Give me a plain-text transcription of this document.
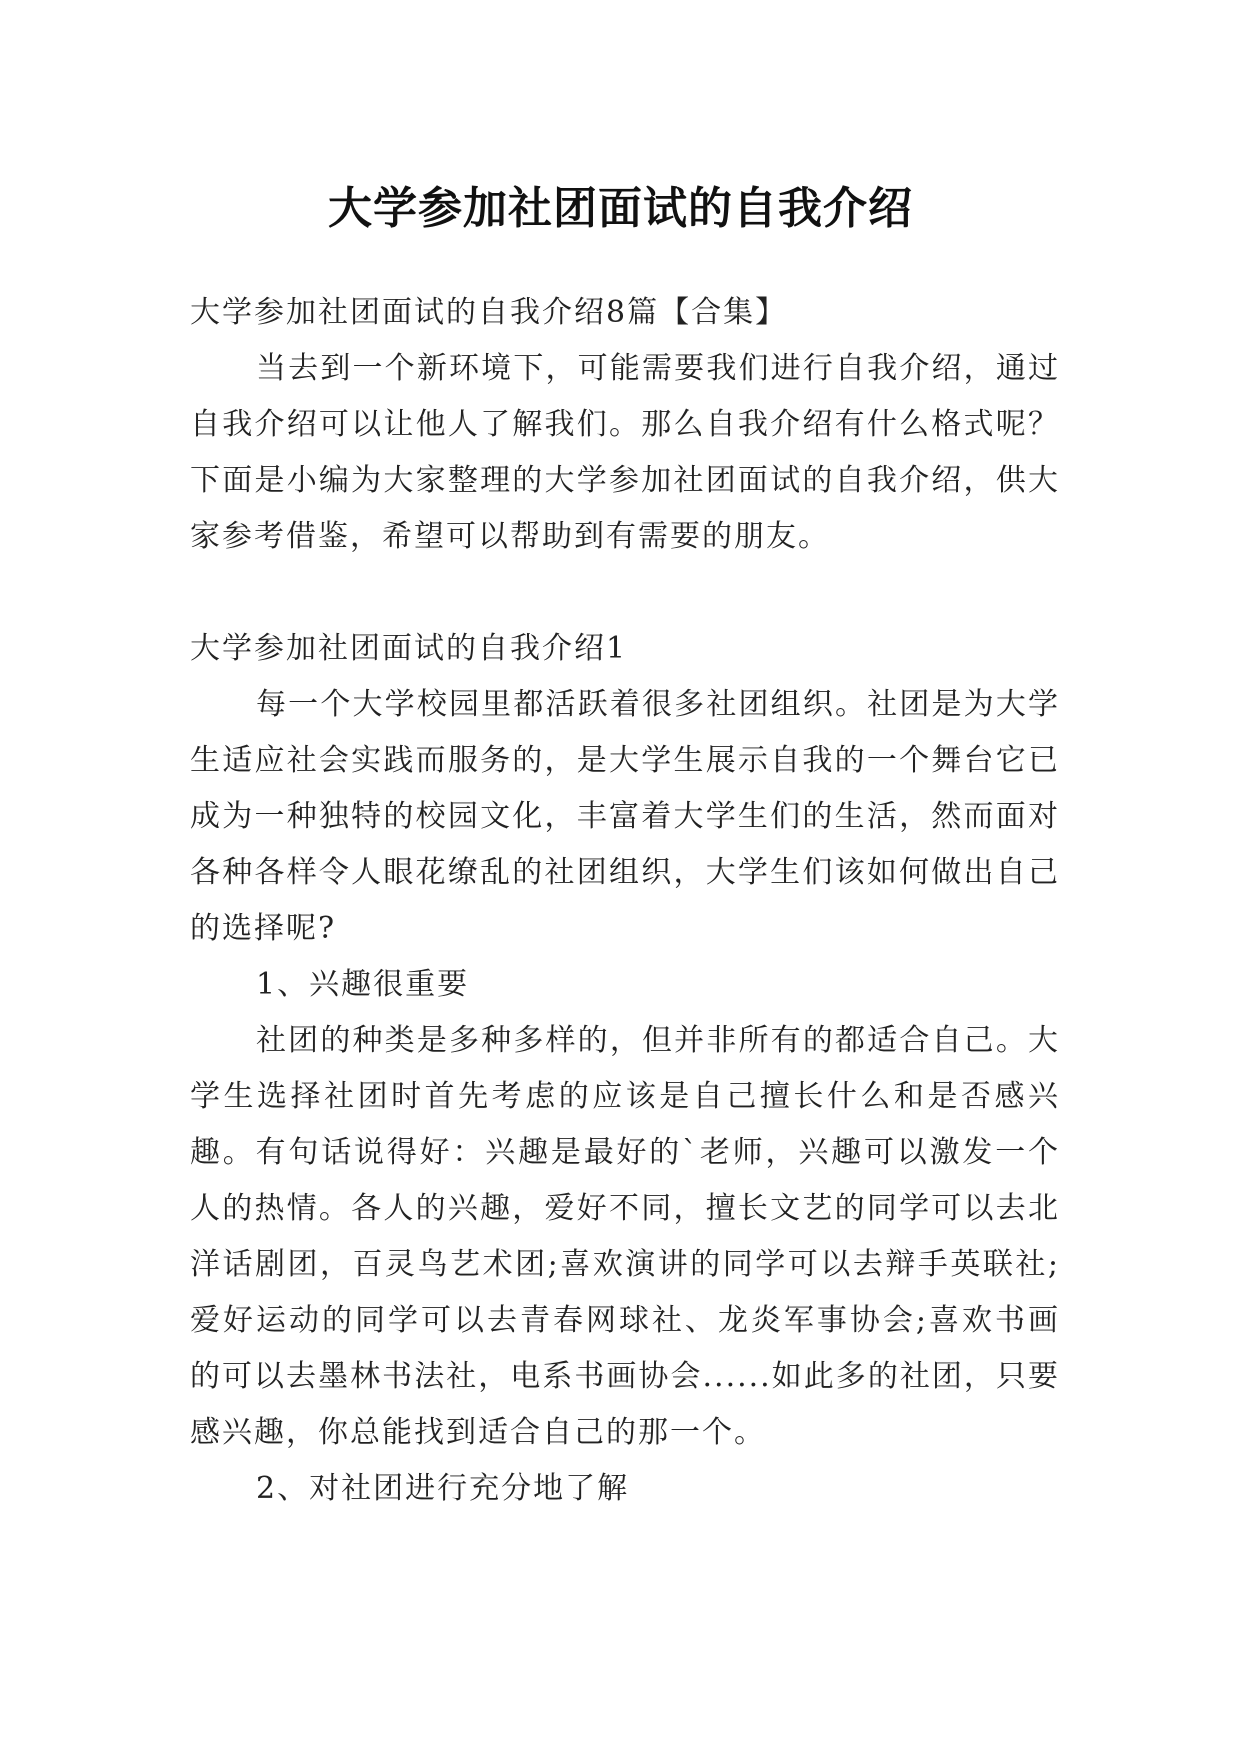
大学参加社团面试的自我介绍

大学参加社团面试的自我介绍8篇【合集】

当去到一个新环境下，可能需要我们进行自我介绍，通过自我介绍可以让他人了解我们。那么自我介绍有什么格式呢？下面是小编为大家整理的大学参加社团面试的自我介绍，供大家参考借鉴，希望可以帮助到有需要的朋友。

大学参加社团面试的自我介绍1

每一个大学校园里都活跃着很多社团组织。社团是为大学生适应社会实践而服务的，是大学生展示自我的一个舞台它已成为一种独特的校园文化，丰富着大学生们的生活，然而面对各种各样令人眼花缭乱的社团组织，大学生们该如何做出自己的选择呢?

1、兴趣很重要

社团的种类是多种多样的，但并非所有的都适合自己。大学生选择社团时首先考虑的应该是自己擅长什么和是否感兴趣。有句话说得好：兴趣是最好的`老师，兴趣可以激发一个人的热情。各人的兴趣，爱好不同，擅长文艺的同学可以去北洋话剧团，百灵鸟艺术团;喜欢演讲的同学可以去辩手英联社;爱好运动的同学可以去青春网球社、龙炎军事协会;喜欢书画的可以去墨林书法社，电系书画协会......如此多的社团，只要感兴趣，你总能找到适合自己的那一个。

2、对社团进行充分地了解
